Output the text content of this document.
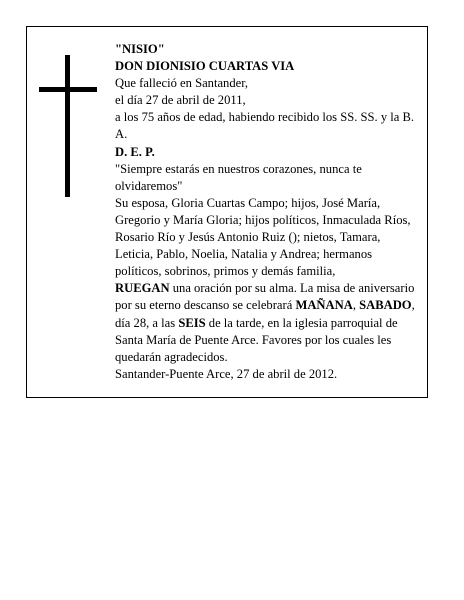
"NISIO"
DON DIONISIO CUARTAS VIA
Que falleció en Santander,
el día 27 de abril de 2011,
a los 75 años de edad, habiendo recibido los SS. SS. y la B. A.
D. E. P.
"Siempre estarás en nuestros corazones, nunca te olvidaremos"
Su esposa, Gloria Cuartas Campo; hijos, José María, Gregorio y María Gloria; hijos políticos, Inmaculada Ríos, Rosario Río y Jesús Antonio Ruiz (); nietos, Tamara, Leticia, Pablo, Noelia, Natalia y Andrea; hermanos políticos, sobrinos, primos y demás familia,
RUEGAN una oración por su alma. La misa de aniversario por su eterno descanso se celebrará MAÑANA, SABADO, día 28, a las SEIS de la tarde, en la iglesia parroquial de Santa María de Puente Arce. Favores por los cuales les quedarán agradecidos.
Santander-Puente Arce, 27 de abril de 2012.
